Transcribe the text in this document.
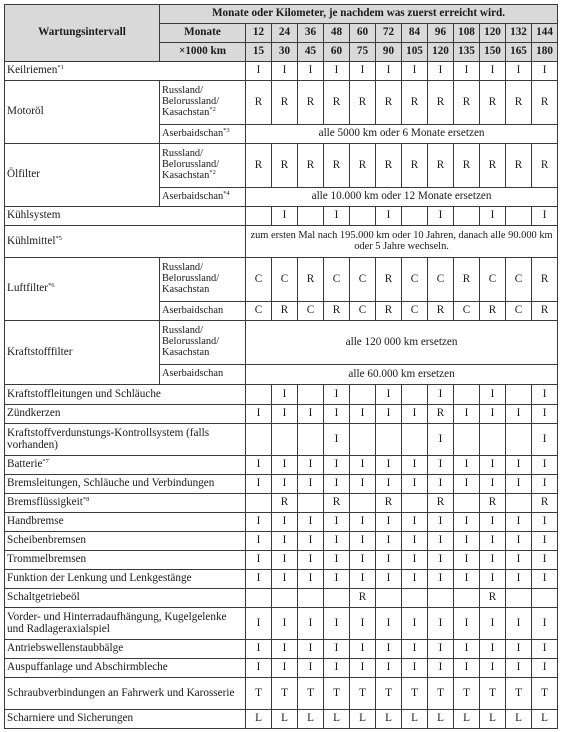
Wartungsintervall	Monate oder Kilometer, je nachdem was zuerst erreicht wird.												
	Monate	12	24	36	48	60	72	84	96	108	120	132	144
	×1000 km	15	30	45	60	75	90	105	120	135	150	165	180
Keilriemen$^{*1}$		I	I	I	I	I	I	I	I	I	I	I	I
Motoröl	Russland/ Belorussland/ Kasachstan$^{*2}$	R	R	R	R	R	R	R	R	R	R	R	R
	Aserbaidschan$^{*3}$	alle 5000 km oder 6 Monate ersetzen											
Ölfilter	Russland/ Belorussland/ Kasachstan$^{*2}$	R	R	R	R	R	R	R	R	R	R	R	R
	Aserbaidschan$^{*4}$	alle 10.000 km oder 12 Monate ersetzen											
Kühlsystem			I		I		I		I		I		I
Kühlmittel$^{*5}$		zum ersten Mal nach 195.000 km oder 10 Jahren, danach alle 90.000 km oder 5 Jahre wechseln.											
Luftfilter$^{*6}$	Russland/ Belorussland/ Kasachstan	C	C	R	C	C	R	C	C	R	C	C	R
	Aserbaidschan	C	R	C	R	C	R	C	R	C	R	C	R
Kraftstofffilter	Russland/ Belorussland/ Kasachstan	alle 120 000 km ersetzen											
	Aserbaidschan	alle 60.000 km ersetzen											
Kraftstoffleitungen und Schläuche			I		I		I		I		I		I
Zündkerzen		I	I	I	I	I	I	I	R	I	I	I	I
Kraftstoffverdunstungs-Kontrollsystem (falls vorhanden)					I				I				I
Batterie$^{*7}$		I	I	I	I	I	I	I	I	I	I	I	I
Bremsleitungen, Schläuche und Verbindungen		I	I	I	I	I	I	I	I	I	I	I	I
Bremsflüssigkeit$^{*8}$			R		R		R		R		R		R
Handbremse		I	I	I	I	I	I	I	I	I	I	I	I
Scheibenbremsen		I	I	I	I	I	I	I	I	I	I	I	I
Trommelbremsen		I	I	I	I	I	I	I	I	I	I	I	I
Funktion der Lenkung und Lenkgestänge		I	I	I	I	I	I	I	I	I	I	I	I
Schaltgetriebeöl						R					R		
Vorder- und Hinterradaufhängung, Kugelgelenke und Radlageraxialspiel		I	I	I	I	I	I	I	I	I	I	I	I
Antriebswellenstaubbälge		I	I	I	I	I	I	I	I	I	I	I	I
Auspuffanlage und Abschirmbleche		I	I	I	I	I	I	I	I	I	I	I	I
Schraubverbindungen an Fahrwerk und Karosserie		T	T	T	T	T	T	T	T	T	T	T	T
Scharniere und Sicherungen		L	L	L	L	L	L	L	L	L	L	L	L
